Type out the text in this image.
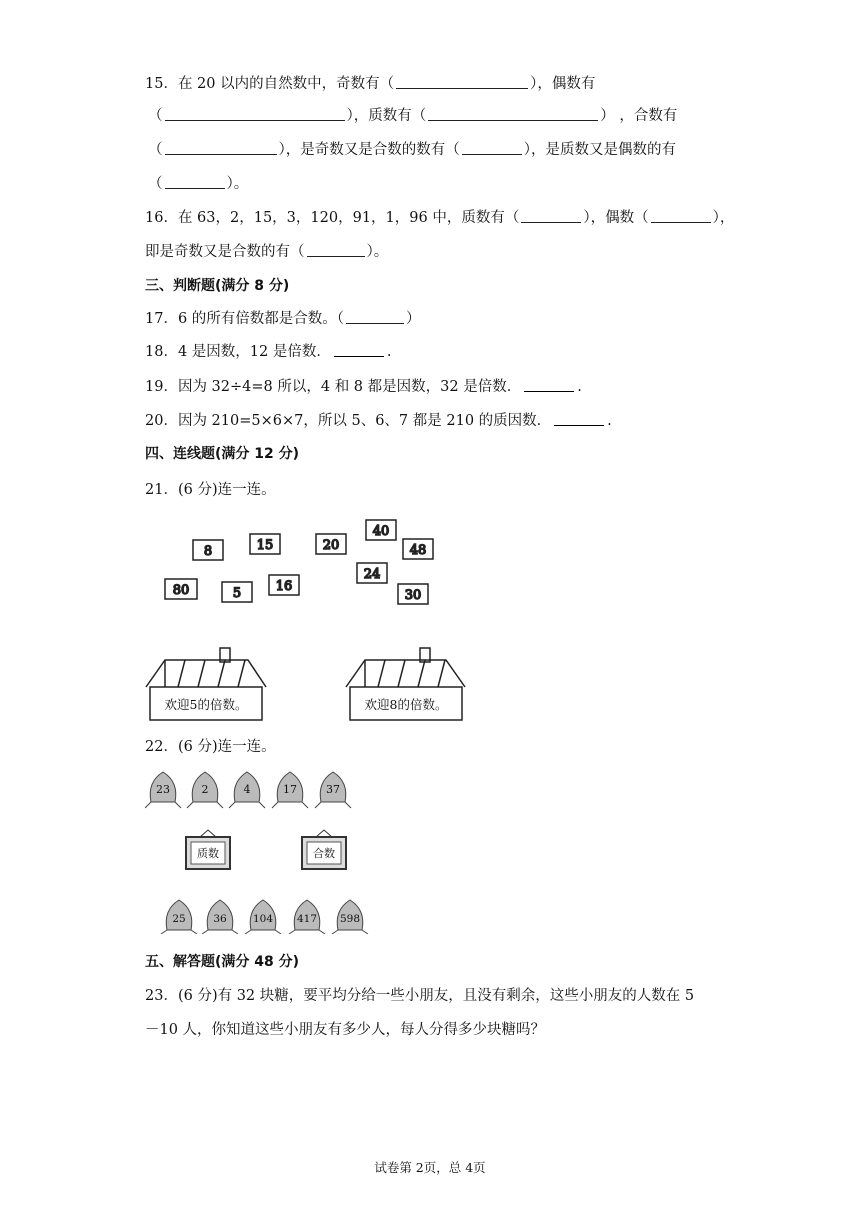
15．在 20 以内的自然数中，奇数有（	），偶数有
（	），质数有（	） ，合数有
（	），是奇数又是合数的数有（	），是质数又是偶数的有
（	）。
16．在 63，2，15，3，120，91，1，96 中，质数有（	），偶数（	），
即是奇数又是合数的有（	）。
三、判断题(满分 8 分)
17．6 的所有倍数都是合数。（	）
18．4 是因数，12 是倍数．	.
19．因为 32÷4=8 所以，4 和 8 都是因数，32 是倍数．	.
20．因为 210=5×6×7，所以 5、6、7 都是 210 的质因数．	.
四、连线题(满分 12 分)
21．(6 分)连一连。
8	15	20
40
48
80	5	16
24
30
欢迎5的倍数。	欢迎8的倍数。
22．(6 分)连一连。
23	2	4	17	37
质数	合数
25	36	104 417 598
五、解答题(满分 48 分)
23．(6 分)有 32 块糖，要平均分给一些小朋友，且没有剩余，这些小朋友的人数在 5
－10 人，你知道这些小朋友有多少人，每人分得多少块糖吗？
试卷第 2页，总 4页
